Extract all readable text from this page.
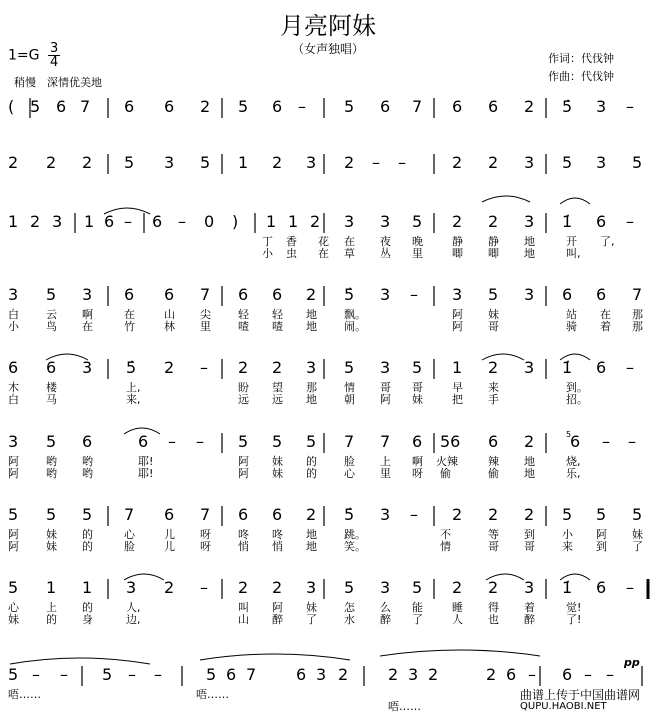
月亮阿妹
（女声独唱）
作词：代伐钟
作曲：代伐钟
$1=G \frac{3}{4}$
稍慢　深情优美地
( 5 6 7 6 6 2 5 6 – 5 6 7 6 6 2 5̇ 3 –
2 2 2 5 3 5 1 2 3 2 – –	2 2 3 5 3 5
1 2 3 1 6 – 6 – 0 ) 1 1 2 3 3 5 2 2 3 1̇ 6 –
丁 香 花 在 夜 晚	静 静 地	开 了,
小 虫 在 草 丛 里	唧 唧 地	叫,
3 5 3 6 6 7 6 6 2 5̇ 3 – 3 5 3 6 6 7
白 云 啊	在	山 尖 轻 轻 地 飘。	阿 妹	站 在 那
小 鸟 在	竹	林 里 喳 喳 地 闹。	阿 哥	骑 着 那
6 6 3 5̇ 2 – 2 2 3 5 3 5 1 2 3 1̇ 6 –
木 楼	上,	盼 望 那 情 哥 哥	早 来	到。
白 马	来,	远 远 地 朝 阿 妹	把 手	招。
3 5 6	6 – – 5 5 5 7 7 6 56 6 2 6 – –
阿 哟 哟	耶!	阿 妹 的 脸 上 啊 火辣	辣 地	烧,
阿 哟 哟	耶!	阿 妹 的 心 里 呀 偷	偷 地	乐,
5 5 5 7 6 7 6 6 2 5̇ 3 – 2 2 2 5 5 5
阿 妹 的	心	儿 呀 咚 咚 地 跳。	不	等 到 小 阿 妹
阿 妹 的	脸	儿 呀 悄 悄 地 笑。	情	哥 哥 来 到 了
5 1 1 3 2 – 2 2 3 5 3 5 2 2 3 1̇ 6 –
心 上 的	人,	叫 阿 妹 怎 么 能	睡 得 着	觉!
妹 的 身	边,	山 醉 了 水 醉 了	人 也 醉	了!
5 – – 5 – –	5 6 7 6 3 2 2 3 2	2 6 – 6 – –
唔……	唔……
唔……
pp
5
曲谱上传于中国曲谱网
QUPU.HAOBI.NET
